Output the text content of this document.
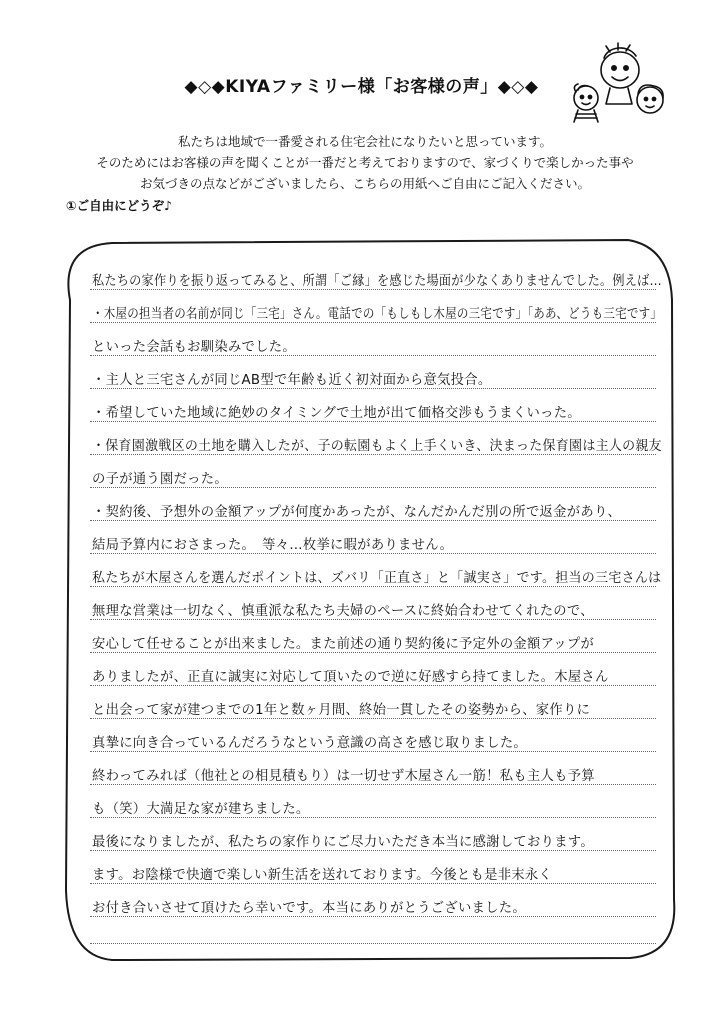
◆◇◆KIYAファミリー様「お客様の声」◆◇◆
私たちは地域で一番愛される住宅会社になりたいと思っています。
そのためにはお客様の声を聞くことが一番だと考えておりますので、家づくりで楽しかった事や
お気づきの点などがございましたら、こちらの用紙へご自由にご記入ください。
①ご自由にどうぞ♪
私たちの家作りを振り返ってみると、所謂「ご縁」を感じた場面が少なくありませんでした。例えば…
・木屋の担当者の名前が同じ「三宅」さん。電話での「もしもし木屋の三宅です」「ああ、どうも三宅です」
といった会話もお馴染みでした。
・主人と三宅さんが同じAB型で年齢も近く初対面から意気投合。
・希望していた地域に絶妙のタイミングで土地が出て価格交渉もうまくいった。
・保育園激戦区の土地を購入したが、子の転園もよく上手くいき、決まった保育園は主人の親友
の子が通う園だった。
・契約後、予想外の金額アップが何度かあったが、なんだかんだ別の所で返金があり、
結局予算内におさまった。　等々…枚挙に暇がありません。
私たちが木屋さんを選んだポイントは、ズバリ「正直さ」と「誠実さ」です。担当の三宅さんは
無理な営業は一切なく、慎重派な私たち夫婦のペースに終始合わせてくれたので、
安心して任せることが出来ました。また前述の通り契約後に予定外の金額アップが
ありましたが、正直に誠実に対応して頂いたので逆に好感すら持てました。木屋さん
と出会って家が建つまでの1年と数ヶ月間、終始一貫したその姿勢から、家作りに
真摯に向き合っているんだろうなという意識の高さを感じ取りました。
終わってみれば（他社との相見積もり）は一切せず木屋さん一筋！私も主人も予算
も（笑）大満足な家が建ちました。
最後になりましたが、私たちの家作りにご尽力いただき本当に感謝しております。
ます。お陰様で快適で楽しい新生活を送れております。今後とも是非末永く
お付き合いさせて頂けたら幸いです。本当にありがとうございました。
